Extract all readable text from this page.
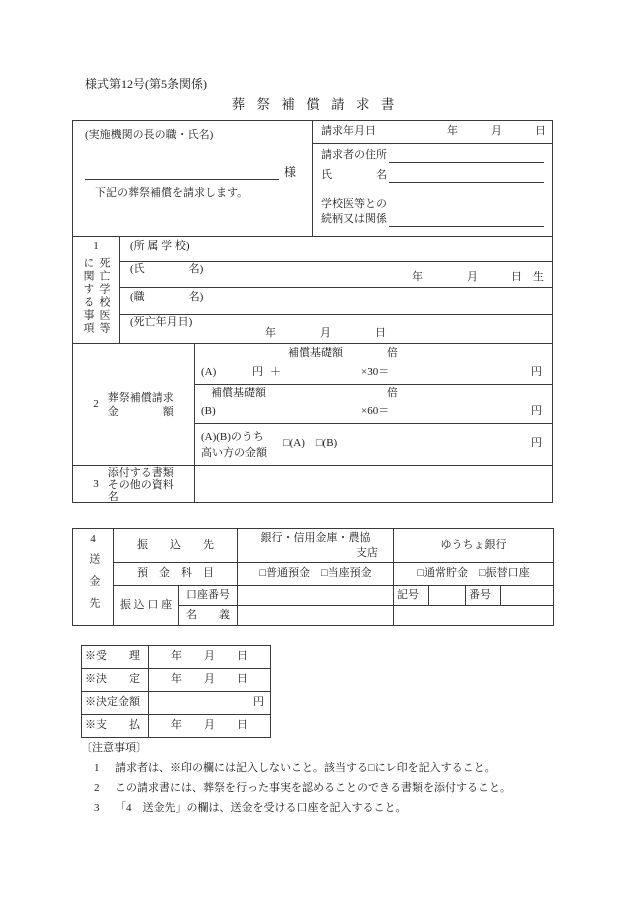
様式第12号(第5条関係)
葬 祭 補 償 請 求 書
(実施機関の長の職・氏名)
様
下記の葬祭補償を請求します。
請求年月日	年　　　月　　　日
請求者の住所
氏　　　　名
学校医等との
続柄又は関係
1
死亡学校医等に関する事項
(所 属 学 校)
(氏　　　　名)
年　　　　月　　　日　生
(職　　　　名)
(死亡年月日)
年　　　　月　　　　日
2
葬祭補償請求
金　　　　額
補償基礎額	倍
(A)	円 ＋	×30＝	円
補償基礎額	倍
(B)	×60＝	円
(A)(B)のうち
高い方の金額
□(A)　□(B)	円
3
添付する書類
その他の資料
名
4
送金先
	振　　込　　先	
銀行・信用金庫・農協
支店
	ゆうちょ銀行
	預　金　科　目		□普通預金　□当座預金	□通常貯金　□振替口座			
	振 込 口 座	口座番号		記号		番号	
		名　　義					
※受　　理	年　　月　　日
※決　　定	年　　月　　日
※決定金額	円
※支　　払	年　　月　　日
〔注意事項〕
1	請求者は、※印の欄には記入しないこと。該当する□にレ印を記入すること。
2	この請求書には、葬祭を行った事実を認めることのできる書類を添付すること。
3	「4　送金先」の欄は、送金を受ける口座を記入すること。
